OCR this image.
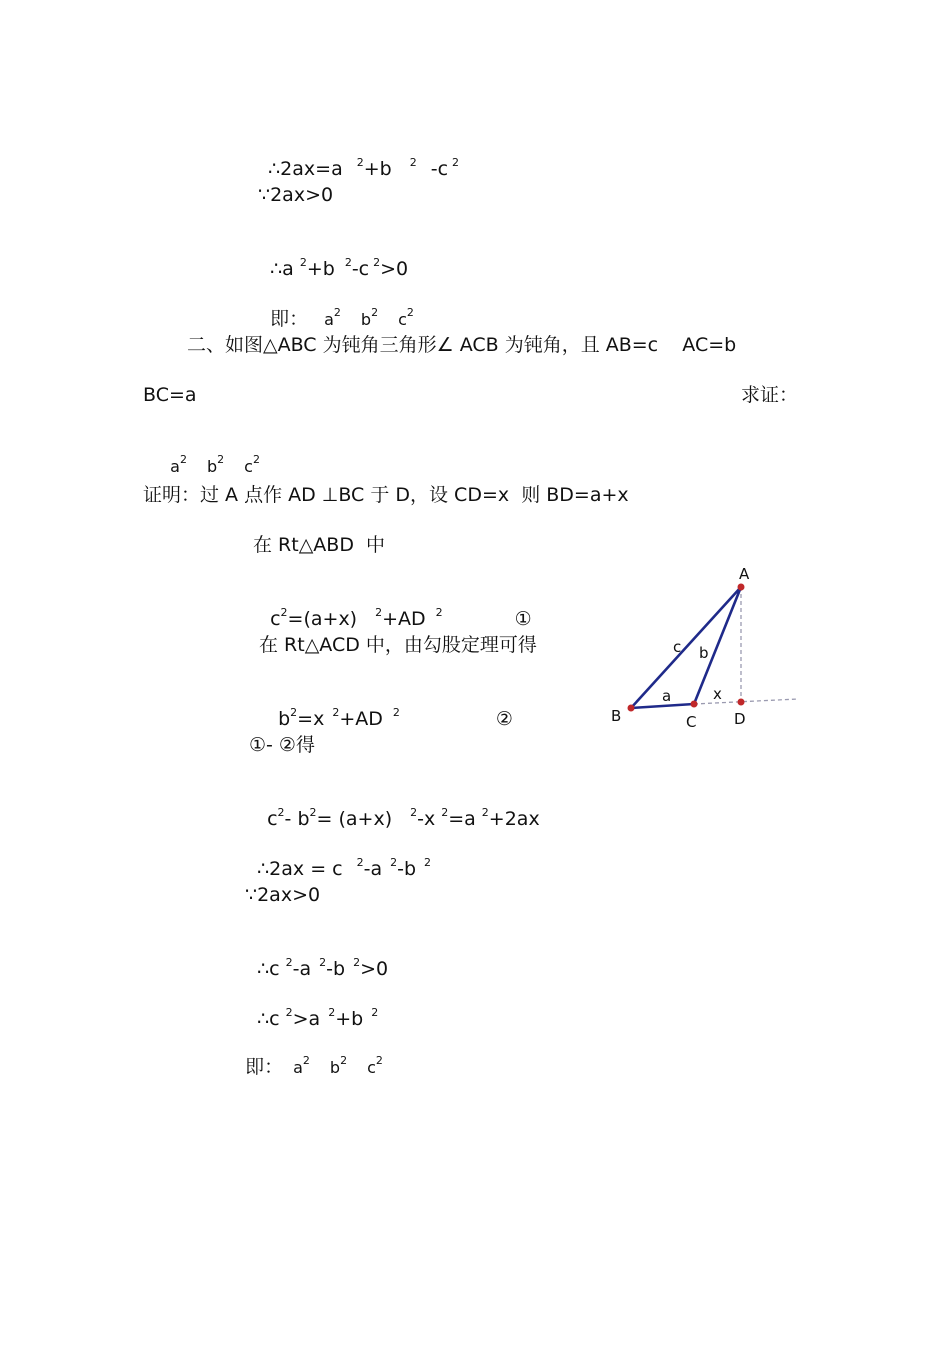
∴2ax=a $^2$+b $^2$ -c $^2$

∵2ax>0

∴a $^2$+b $^2$-c $^2$>0

即： $a^2$ $b^2$ $c^2$

二、如图△ABC 为钝角三角形∠ ACB 为钝角，且 AB=c    AC=b
BC=a	求证：

$a^2$ $b^2$ $c^2$

证明：过 A 点作 AD ⊥BC 于 D，设 CD=x  则 BD=a+x
在 Rt△ABD  中

$c^2=(a+x)$ $^2$+AD $^2$	①

在 Rt△ACD 中，由勾股定理可得

$b^2=x$ $^2$+AD $^2$	②

①- ②得

$c^2-$ $b^2= (a+x)$ $^2$-x $^2$=a $^2$+2ax

∴2ax = c $^2$-a $^2$-b $^2$

∵2ax>0

∴c $^2$-a $^2$-b $^2$>0

∴c $^2$>a $^2$+b $^2$

即： $a^2$ $b^2$ $c^2$

A
B	C	D
c b
a	x
